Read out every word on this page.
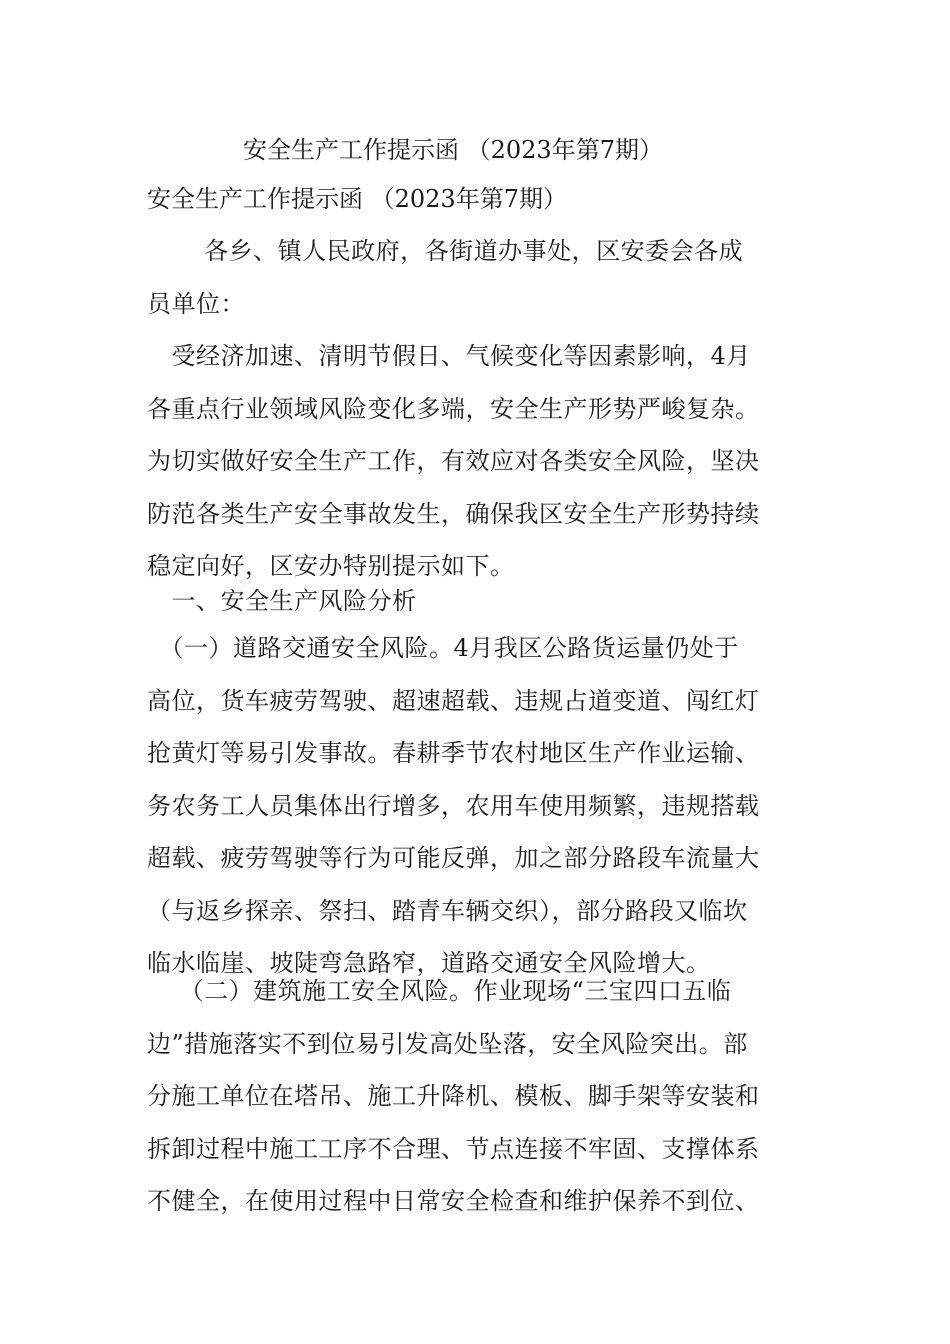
安全生产工作提示函 （2023年第7期）
安全生产工作提示函 （2023年第7期）
　　 各乡、镇人民政府，各街道办事处，区安委会各成
员单位：
　受经济加速、清明节假日、气候变化等因素影响，4月
各重点行业领域风险变化多端，安全生产形势严峻复杂。
为切实做好安全生产工作，有效应对各类安全风险，坚决
防范各类生产安全事故发生，确保我区安全生产形势持续
稳定向好，区安办特别提示如下。
　一、安全生产风险分析
　（一）道路交通安全风险。4月我区公路货运量仍处于
高位，货车疲劳驾驶、超速超载、违规占道变道、闯红灯
抢黄灯等易引发事故。春耕季节农村地区生产作业运输、
务农务工人员集体出行增多，农用车使用频繁，违规搭载
超载、疲劳驾驶等行为可能反弹，加之部分路段车流量大
（与返乡探亲、祭扫、踏青车辆交织），部分路段又临坎
临水临崖、坡陡弯急路窄，道路交通安全风险增大。
　 （二）建筑施工安全风险。作业现场“三宝四口五临
边”措施落实不到位易引发高处坠落，安全风险突出。部
分施工单位在塔吊、施工升降机、模板、脚手架等安装和
拆卸过程中施工工序不合理、节点连接不牢固、支撑体系
不健全，在使用过程中日常安全检查和维护保养不到位、
